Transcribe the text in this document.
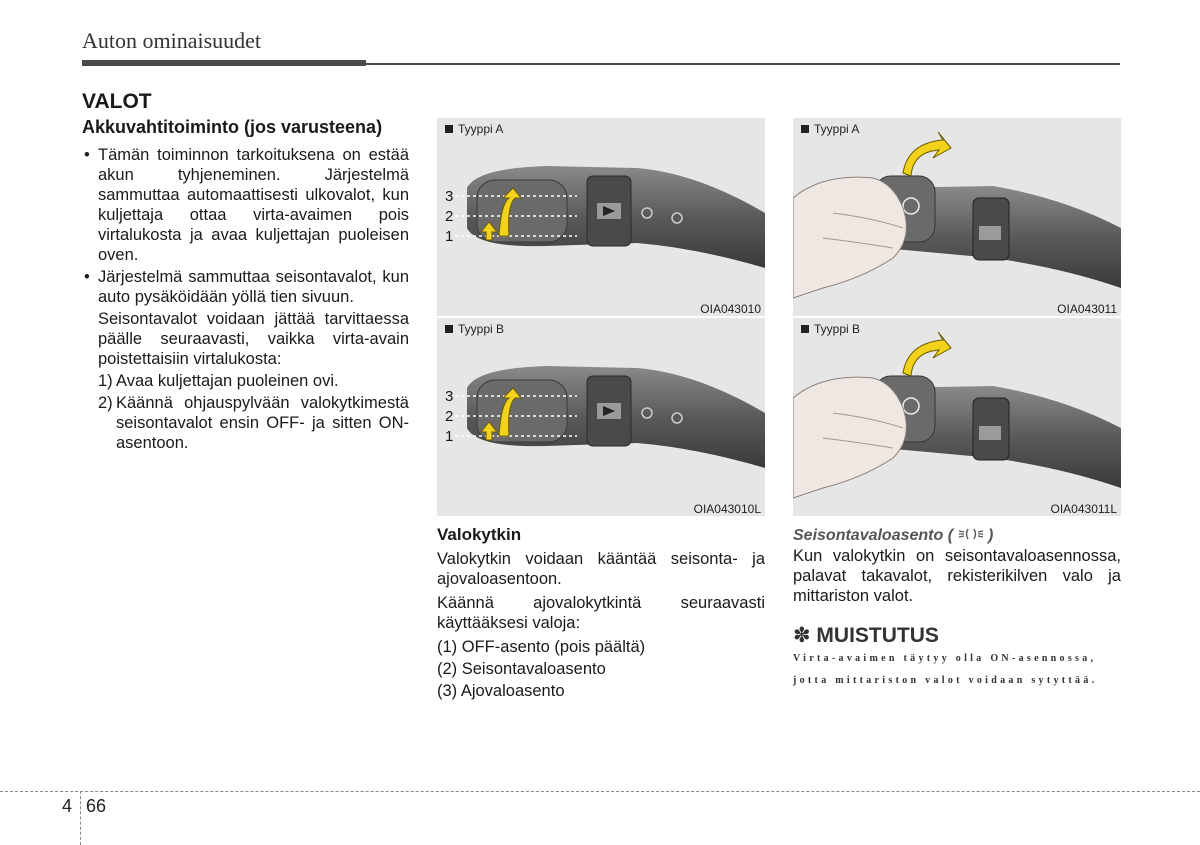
Auton ominaisuudet
VALOT
Akkuvahtitoiminto (jos varusteena)

• Tämän toiminnon tarkoituksena on estää akun tyhjeneminen. Järjestelmä sammuttaa automaattisesti ulkovalot, kun kuljettaja ottaa virta-avaimen pois virtalukosta ja avaa kuljettajan puoleisen oven.

• Järjestelmä sammuttaa seisontavalot, kun auto pysäköidään yöllä tien sivuun.

Seisontavalot voidaan jättää tarvittaessa päälle seuraavasti, vaikka virta-avain poistettaisiin virtalukosta:

1) Avaa kuljettajan puoleinen ovi.

2) Käännä ohjauspylvään valokytkimestä seisontavalot ensin OFF- ja sitten ON-asentoon.

Tyyppi A
3
2
1
OIA043010
Tyyppi B
3
2
1
OIA043010L
Tyyppi A
OIA043011
Tyyppi B
OIA043011L
Valokytkin

Valokytkin voidaan kääntää seisonta- ja ajovaloasentoon.

Käännä ajovalokytkintä seuraavasti käyttääksesi valoja:

(1) OFF-asento (pois päältä)

(2) Seisontavaloasento

(3) Ajovaloasento

Seisontavaloasento ( )

Kun valokytkin on seisontavaloasennossa, palavat takavalot, rekisterikilven valo ja mittariston valot.

✽ MUISTUTUS
Virta-avaimen täytyy olla ON-asennossa,
jotta mittariston valot voidaan sytyttää.
4 66
